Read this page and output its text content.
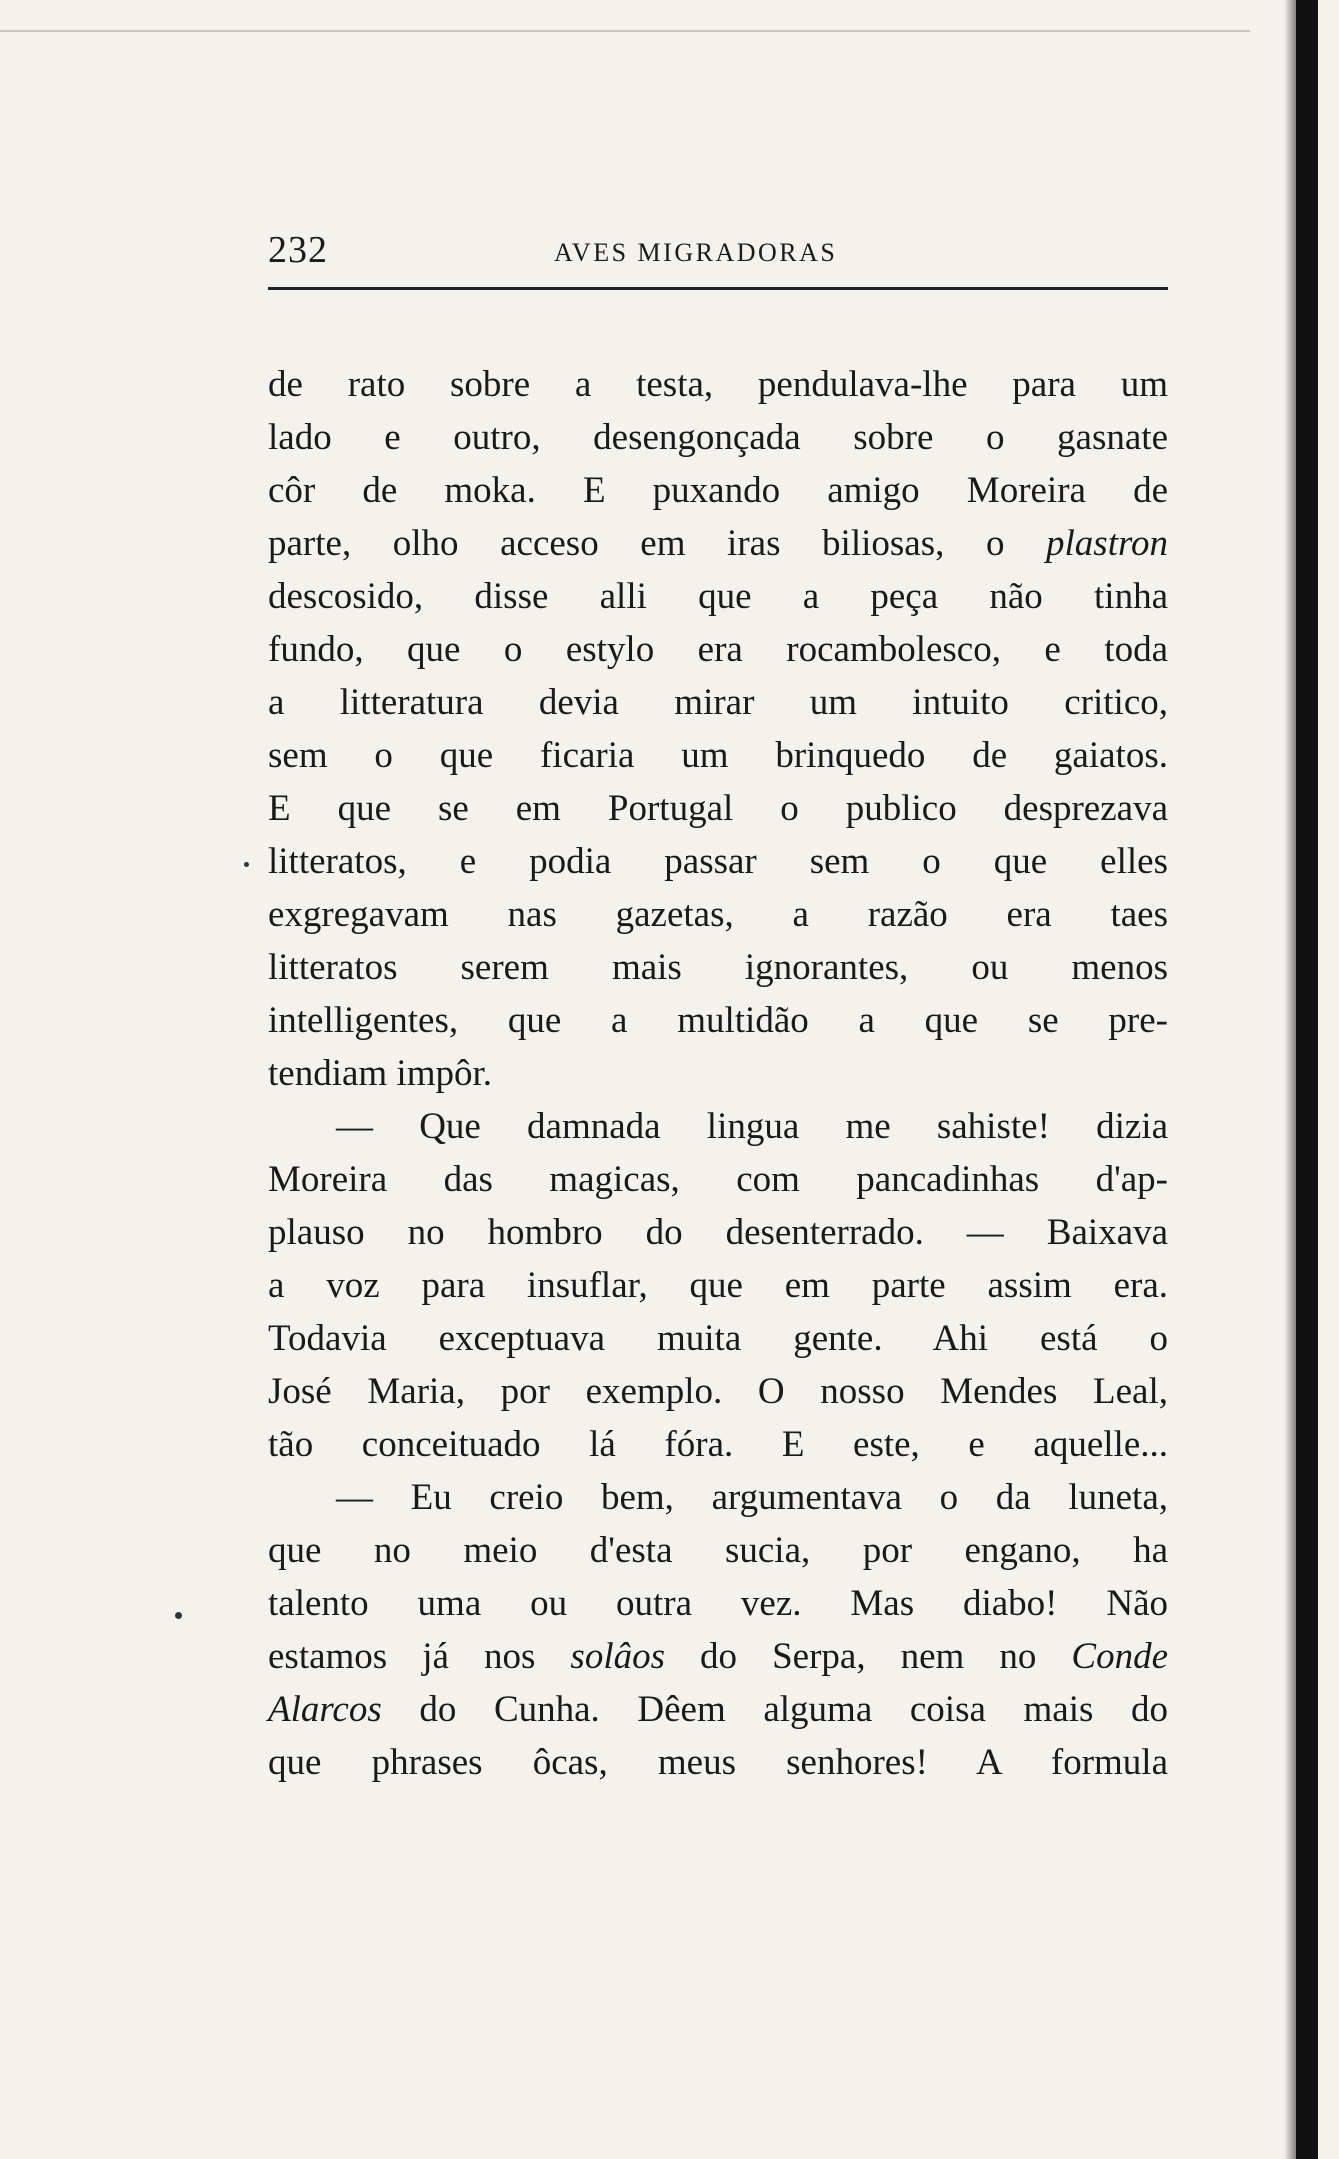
232	AVES MIGRADORAS
de rato sobre a testa, pendulava-lhe para um
lado e outro, desengonçada sobre o gasnate
côr de moka. E puxando amigo Moreira de
parte, olho acceso em iras biliosas, o plastron
descosido, disse alli que a peça não tinha
fundo, que o estylo era rocambolesco, e toda
a litteratura devia mirar um intuito critico,
sem o que ficaria um brinquedo de gaiatos.
E que se em Portugal o publico desprezava
litteratos, e podia passar sem o que elles
exgregavam nas gazetas, a razão era taes
litteratos serem mais ignorantes, ou menos
intelligentes, que a multidão a que se pre-
tendiam impôr.
— Que damnada lingua me sahiste! dizia
Moreira das magicas, com pancadinhas d'ap-
plauso no hombro do desenterrado. — Baixava
a voz para insuflar, que em parte assim era.
Todavia exceptuava muita gente. Ahi está o
José Maria, por exemplo. O nosso Mendes Leal,
tão conceituado lá fóra. E este, e aquelle...
— Eu creio bem, argumentava o da luneta,
que no meio d'esta sucia, por engano, ha
talento uma ou outra vez. Mas diabo! Não
estamos já nos solâos do Serpa, nem no Conde
Alarcos do Cunha. Dêem alguma coisa mais do
que phrases ôcas, meus senhores! A formula
